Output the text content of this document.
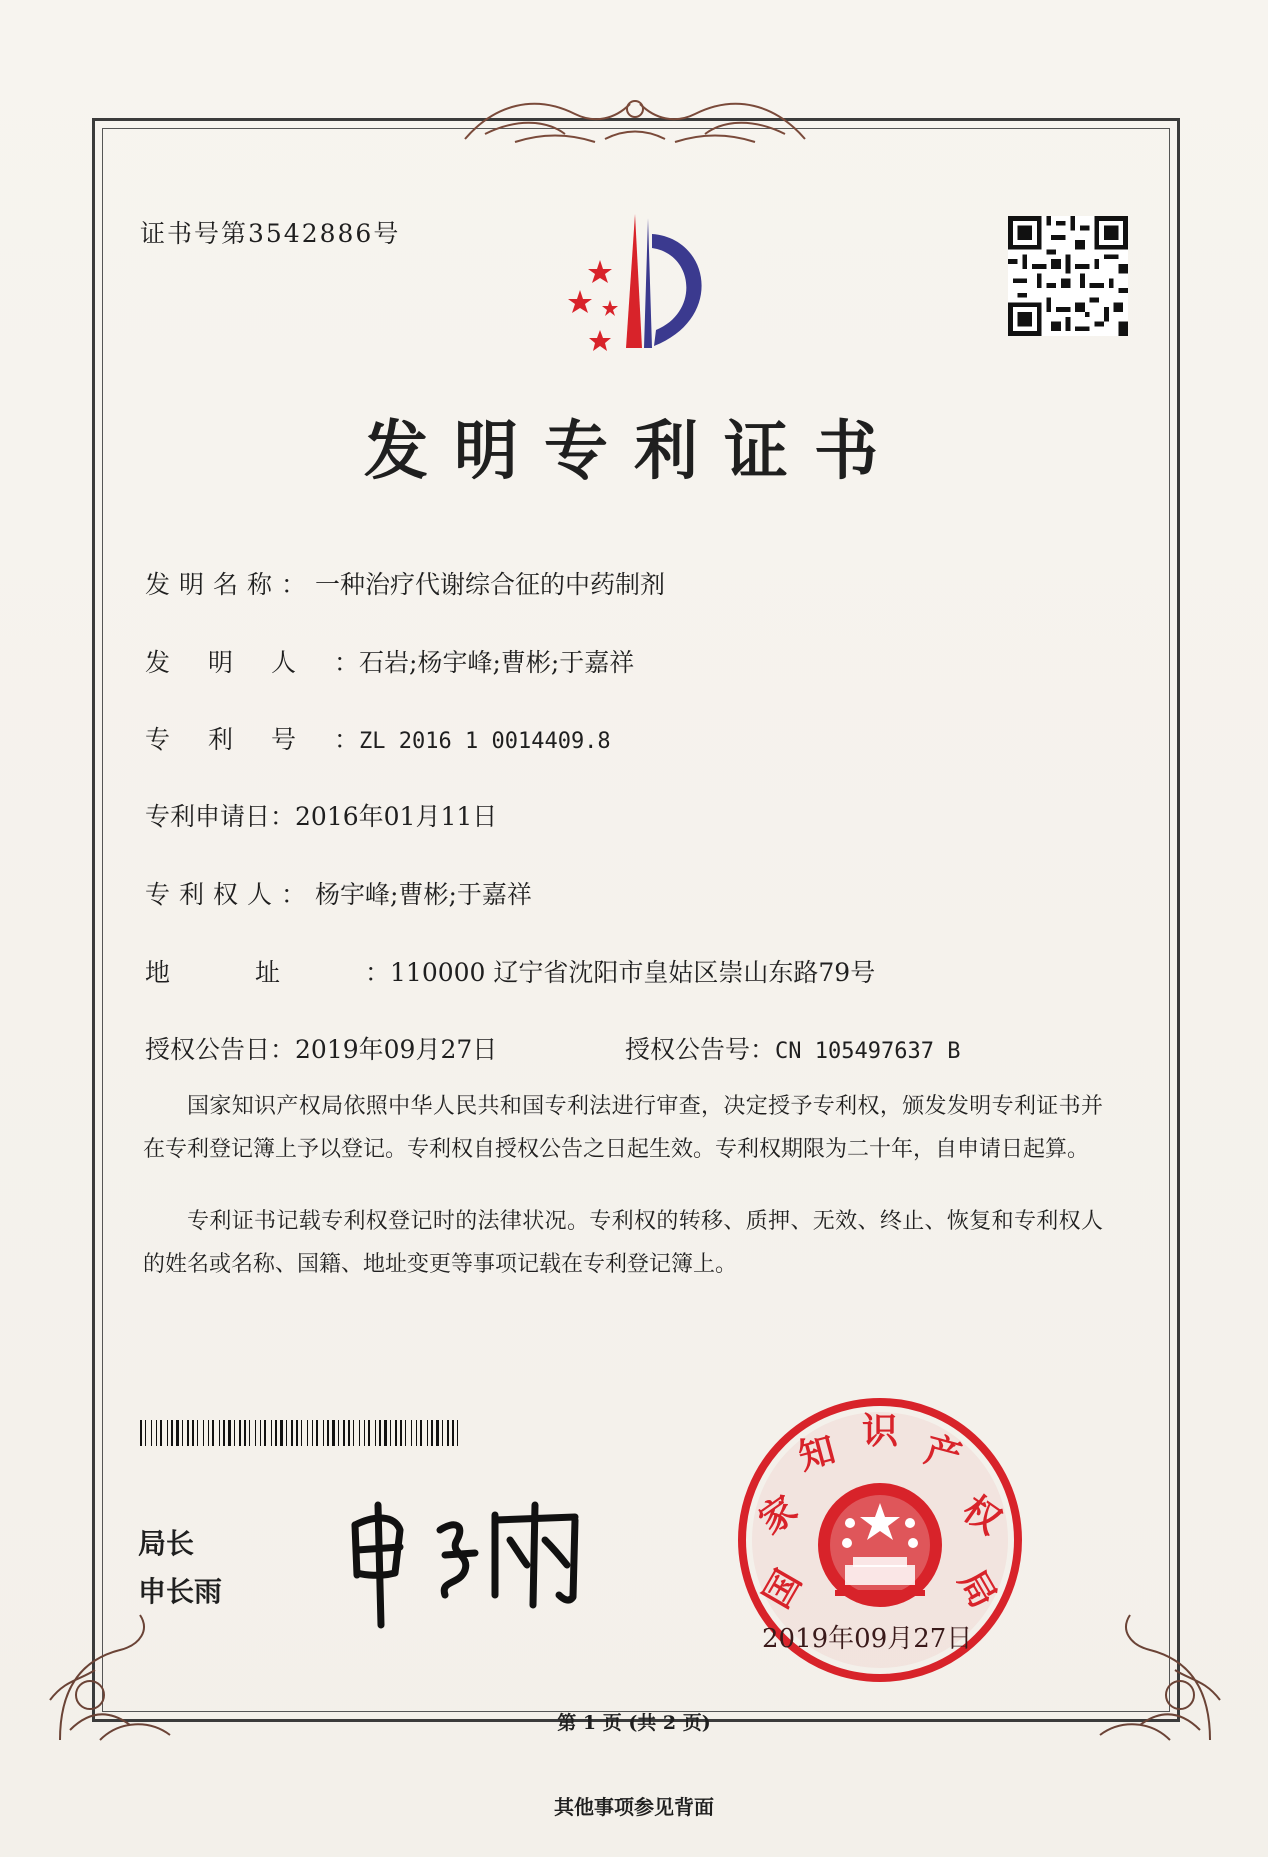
证书号第3542886号
发明专利证书
发明名称：一种治疗代谢综合征的中药制剂
发明人：石岩;杨宇峰;曹彬;于嘉祥
专利号：ZL 2016 1 0014409.8
专利申请日：2016年01月11日
专利权人：杨宇峰;曹彬;于嘉祥
地址：110000 辽宁省沈阳市皇姑区崇山东路79号
授权公告日：2019年09月27日	授权公告号：CN 105497637 B
国家知识产权局依照中华人民共和国专利法进行审查，决定授予专利权，颁发发明专利证书并在专利登记簿上予以登记。专利权自授权公告之日起生效。专利权期限为二十年，自申请日起算。
专利证书记载专利权登记时的法律状况。专利权的转移、质押、无效、终止、恢复和专利权人的姓名或名称、国籍、地址变更等事项记载在专利登记簿上。
局长
申长雨	国
家
知 识 产
权
局
2019年09月27日
第 1 页 (共 2 页)
其他事项参见背面
